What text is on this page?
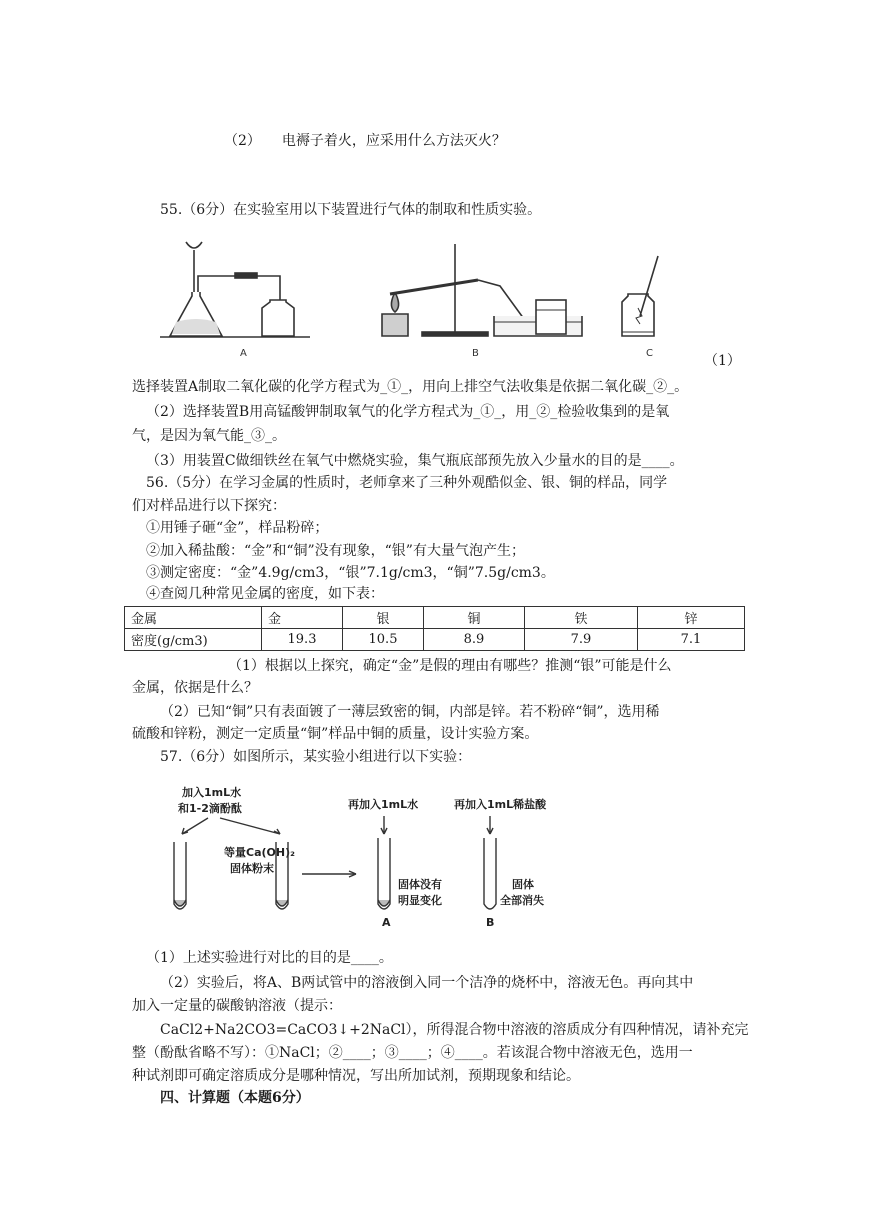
（2）　　电褥子着火，应采用什么方法灭火？
55.（6分）在实验室用以下装置进行气体的制取和性质实验。
A	B	C	（1）
选择装置A制取二氧化碳的化学方程式为_①_，用向上排空气法收集是依据二氧化碳_②_。
（2）选择装置B用高锰酸钾制取氧气的化学方程式为_①_，用_②_检验收集到的是氧
气，是因为氧气能_③_。
（3）用装置C做细铁丝在氧气中燃烧实验，集气瓶底部预先放入少量水的目的是____。
56.（5分）在学习金属的性质时，老师拿来了三种外观酷似金、银、铜的样品，同学
们对样品进行以下探究：
①用锤子砸“金”，样品粉碎；
②加入稀盐酸：“金”和“铜”没有现象，“银”有大量气泡产生；
③测定密度：“金”4.9g/cm3，“银”7.1g/cm3，“铜”7.5g/cm3。
④查阅几种常见金属的密度，如下表：
金属	金	银	铜	铁	锌
密度(g/cm3)	19.3	10.5	8.9	7.9	7.1
（1）根据以上探究，确定“金”是假的理由有哪些？推测“银”可能是什么
金属，依据是什么？
（2）已知“铜”只有表面镀了一薄层致密的铜，内部是锌。若不粉碎“铜”，选用稀
硫酸和锌粉，测定一定质量“铜”样品中铜的质量，设计实验方案。
57.（6分）如图所示，某实验小组进行以下实验：
加入1mL水
和1-2滴酚酞
等量Ca(OH)₂
固体粉末
再加入1mL水	再加入1mL稀盐酸
固体没有
明显变化
固体
全部消失
A	B
（1）上述实验进行对比的目的是____。
（2）实验后，将A、B两试管中的溶液倒入同一个洁净的烧杯中，溶液无色。再向其中
加入一定量的碳酸钠溶液（提示：
CaCl2+Na2CO3=CaCO3↓+2NaCl），所得混合物中溶液的溶质成分有四种情况，请补充完
整（酚酞省略不写）：①NaCl；②____；③____；④____。若该混合物中溶液无色，选用一
种试剂即可确定溶质成分是哪种情况，写出所加试剂，预期现象和结论。
四、计算题（本题6分）
